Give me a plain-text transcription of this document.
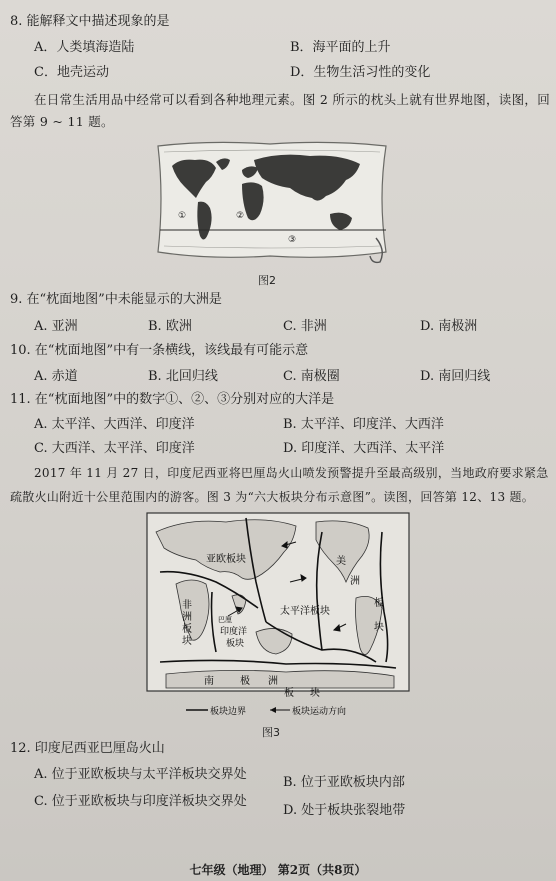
8. 能解释文中描述现象的是
A．人类填海造陆	B．海平面的上升
C．地壳运动	D．生物生活习性的变化
在日常生活用品中经常可以看到各种地理元素。图 2 所示的枕头上就有世界地图，读图，回
答第 9 ~ 11 题。
①	②
③
图2
9. 在“枕面地图”中未能显示的大洲是
A. 亚洲	B. 欧洲	C. 非洲	D. 南极洲
10. 在“枕面地图”中有一条横线，该线最有可能示意
A. 赤道	B. 北回归线	C. 南极圈	D. 南回归线
11. 在“枕面地图”中的数字①、②、③分别对应的大洋是
A. 太平洋、大西洋、印度洋	B. 太平洋、印度洋、大西洋
C. 大西洋、太平洋、印度洋	D. 印度洋、大西洋、太平洋
2017 年 11 月 27 日，印度尼西亚将巴厘岛火山喷发预警提升至最高级别，当地政府要求紧急
疏散火山附近十公里范围内的游客。图 3 为“六大板块分布示意图”。读图，回答第 12、13 题。
亚欧板块
太平洋板块
非
洲
板
块
美
洲
板
块
印度洋
板块
巴厘
南	极 洲
板 块
板块边界	板块运动方向
图3
12. 印度尼西亚巴厘岛火山
A. 位于亚欧板块与太平洋板块交界处
B. 位于亚欧板块内部
C. 位于亚欧板块与印度洋板块交界处
D. 处于板块张裂地带
七年级（地理） 第2页（共8页）
